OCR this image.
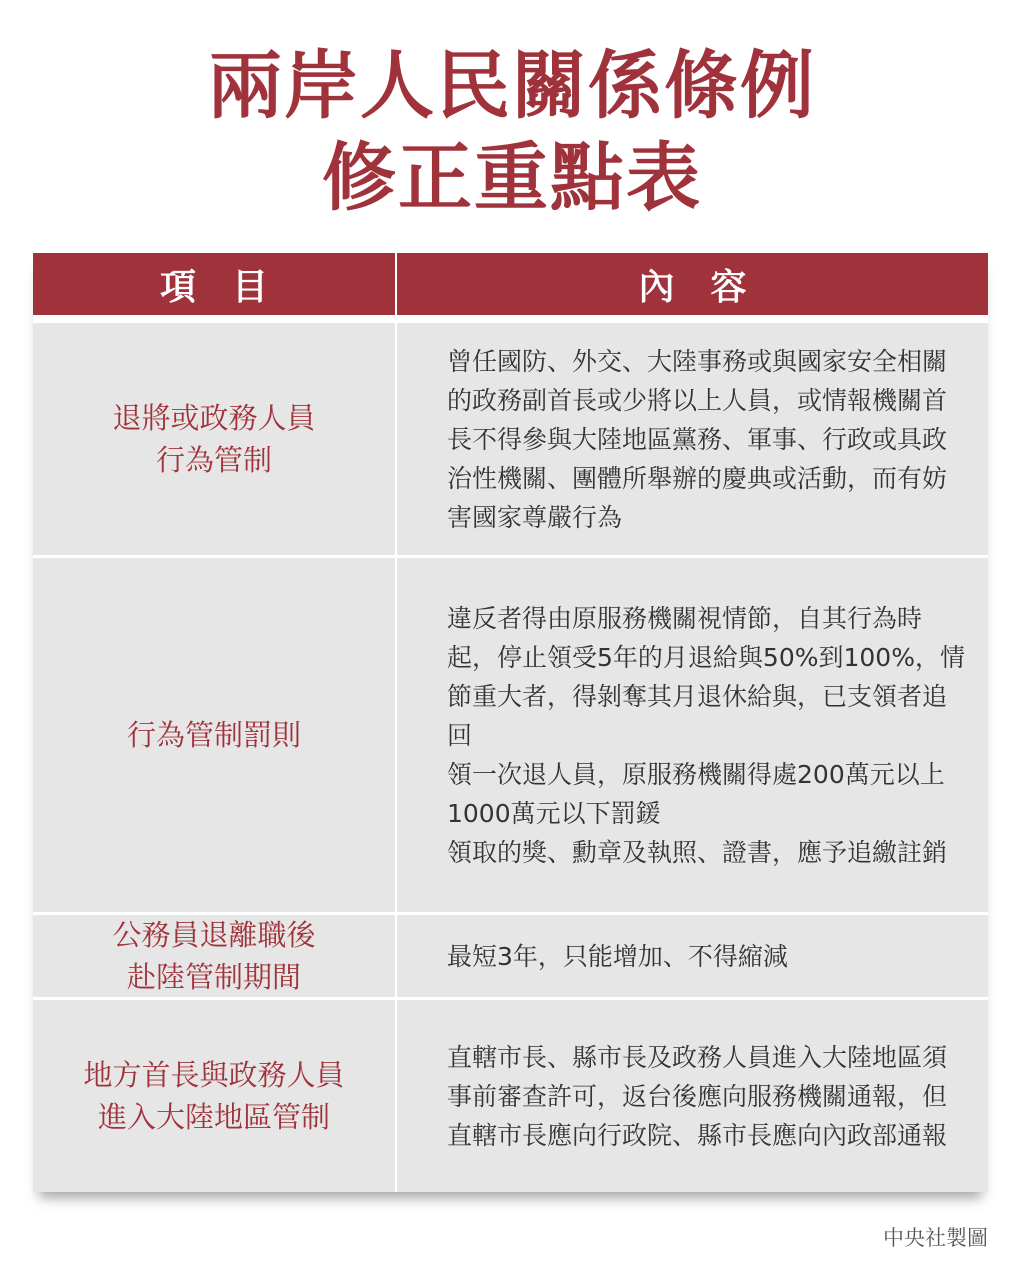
兩岸人民關係條例
修正重點表
項目	內容
退將或政務人員
行為管制
曾任國防、外交、大陸事務或與國家安全相關的政務副首長或少將以上人員，或情報機關首長不得參與大陸地區黨務、軍事、行政或具政治性機關、團體所舉辦的慶典或活動，而有妨害國家尊嚴行為
行為管制罰則
違反者得由原服務機關視情節，自其行為時起，停止領受5年的月退給與50%到100%，情節重大者，得剝奪其月退休給與，已支領者追回
領一次退人員，原服務機關得處200萬元以上1000萬元以下罰鍰
領取的獎、勳章及執照、證書，應予追繳註銷
公務員退離職後
赴陸管制期間
最短3年，只能增加、不得縮減
地方首長與政務人員
進入大陸地區管制
直轄市長、縣市長及政務人員進入大陸地區須事前審查許可，返台後應向服務機關通報，但直轄市長應向行政院、縣市長應向內政部通報
中央社製圖
